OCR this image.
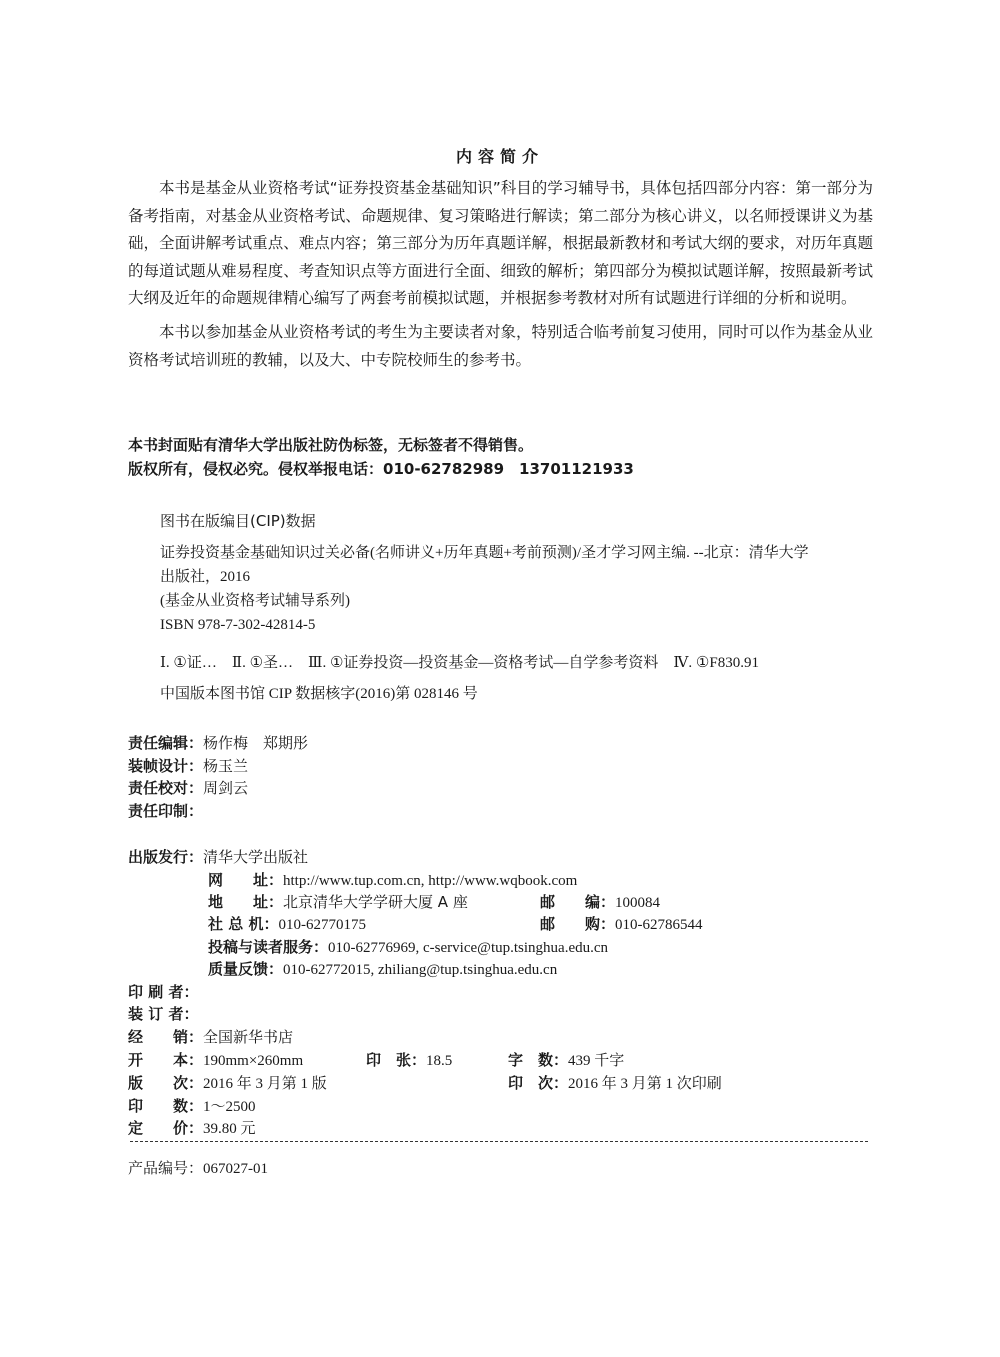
内容简介

本书是基金从业资格考试“证券投资基金基础知识”科目的学习辅导书，具体包括四部分内容：第一部分为备考指南，对基金从业资格考试、命题规律、复习策略进行解读；第二部分为核心讲义，以名师授课讲义为基础，全面讲解考试重点、难点内容；第三部分为历年真题详解，根据最新教材和考试大纲的要求，对历年真题的每道试题从难易程度、考查知识点等方面进行全面、细致的解析；第四部分为模拟试题详解，按照最新考试大纲及近年的命题规律精心编写了两套考前模拟试题，并根据参考教材对所有试题进行详细的分析和说明。

本书以参加基金从业资格考试的考生为主要读者对象，特别适合临考前复习使用，同时可以作为基金从业资格考试培训班的教辅，以及大、中专院校师生的参考书。

本书封面贴有清华大学出版社防伪标签，无标签者不得销售。
版权所有，侵权必究。侵权举报电话：010-62782989　13701121933
图书在版编目(CIP)数据
证券投资基金基础知识过关必备(名师讲义+历年真题+考前预测)/圣才学习网主编. --北京：清华大学
出版社，2016
(基金从业资格考试辅导系列)
ISBN 978-7-302-42814-5
Ⅰ. ①证…　Ⅱ. ①圣…　Ⅲ. ①证券投资—投资基金—资格考试—自学参考资料　Ⅳ. ①F830.91
中国版本图书馆 CIP 数据核字(2016)第 028146 号
责任编辑：杨作梅　郑期彤
装帧设计：杨玉兰
责任校对：周剑云
责任印制：
出版发行：清华大学出版社
网　　址：http://www.tup.com.cn, http://www.wqbook.com
地　　址：北京清华大学学研大厦 A 座	邮　　编：100084
社 总 机：010-62770175	邮　　购：010-62786544
投稿与读者服务：010-62776969, c-service@tup.tsinghua.edu.cn
质量反馈：010-62772015, zhiliang@tup.tsinghua.edu.cn
印 刷 者：
装 订 者：
经　　销：全国新华书店
开　　本：190mm×260mm	印　张：18.5	字　数：439 千字
版　　次：2016 年 3 月第 1 版	印　次：2016 年 3 月第 1 次印刷
印　　数：1～2500
定　　价：39.80 元
产品编号：067027-01
